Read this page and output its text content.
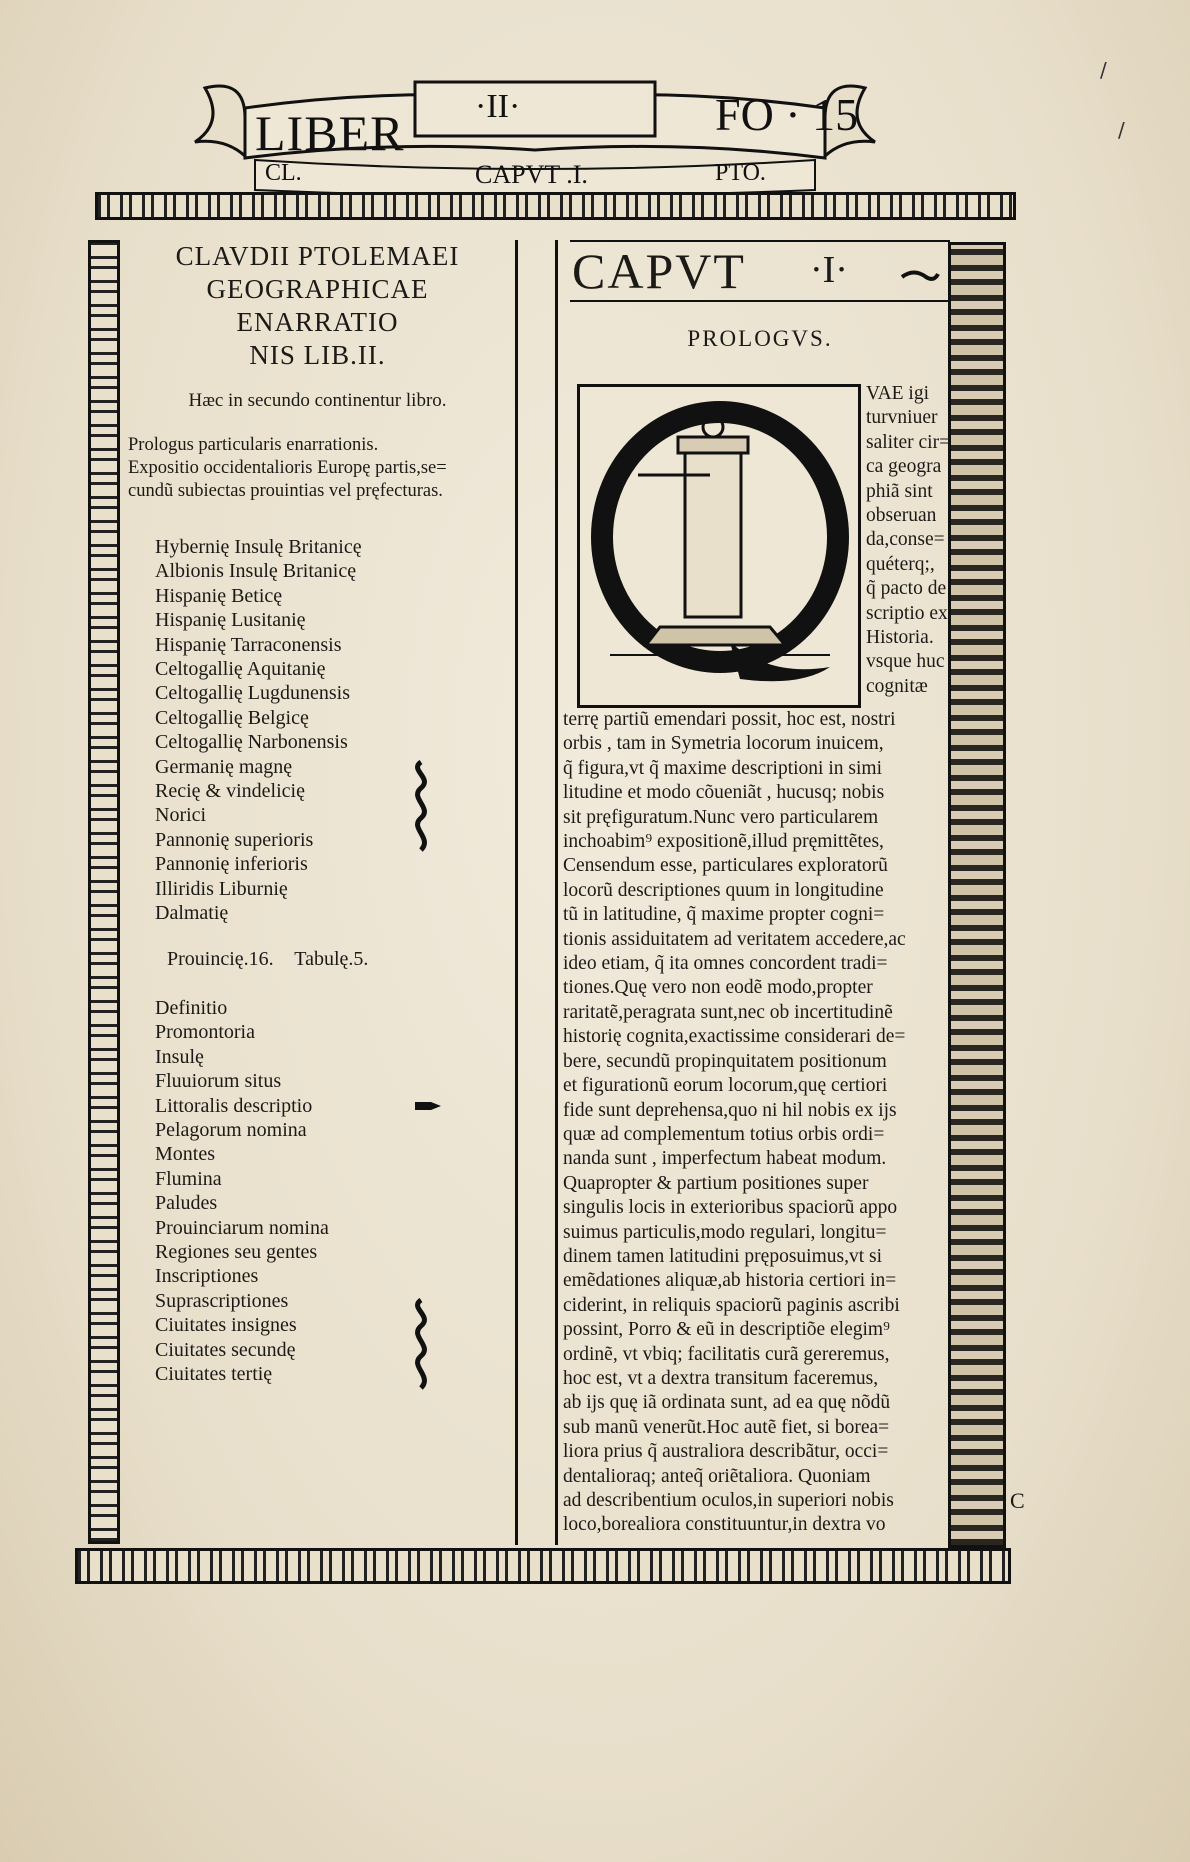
/
/
LIBER ·II·	FO · 15
CL.	CAPVT .I.	PTO.
CLAVDII PTOLEMAEI
GEOGRAPHICAE
ENARRATIO
NIS LIB.II.
Hæc in secundo continentur libro.
Prologus particularis enarrationis.
Expositio occidentalioris Europę partis,se=
cundũ subiectas prouintias vel pręfecturas.
Hybernię Insulę Britanicę
Albionis Insulę Britanicę
Hispanię Beticę
Hispanię Lusitanię
Hispanię Tarraconensis
Celtogallię Aquitanię
Celtogallię Lugdunensis
Celtogallię Belgicę
Celtogallię Narbonensis
Germanię magnę
Recię & vindelicię
Norici
Pannonię superioris
Pannonię inferioris
Illiridis Liburnię
Dalmatię
Prouincię.16. Tabulę.5.
Definitio
Promontoria
Insulę
Fluuiorum situs
Littoralis descriptio
Pelagorum nomina
Montes
Flumina
Paludes
Prouinciarum nomina
Regiones seu gentes
Inscriptiones
Suprascriptiones
Ciuitates insignes
Ciuitates secundę
Ciuitates tertię
CAPVT ·I·
PROLOGVS.
VAE igi
turvniuer
saliter cir=
ca geogra
phiã sint
obseruan
da,conse=
quéterq;,
q̃ pacto de
scriptio ex
Historia.
vsque huc
cognitæ
terrę partiũ emendari possit, hoc est, nostri
orbis , tam in Symetria locorum inuicem,
q̃ figura,vt q̃ maxime descriptioni in simi
litudine et modo cõueniãt , hucusq; nobis
sit pręfiguratum.Nunc vero particularem
inchoabim⁹ expositionẽ,illud pręmittẽtes,
Censendum esse, particulares exploratorũ
locorũ descriptiones quum in longitudine
tũ in latitudine, q̃ maxime propter cogni=
tionis assiduitatem ad veritatem accedere,ac
ideo etiam, q̃ ita omnes concordent tradi=
tiones.Quę vero non eodẽ modo,propter
raritatẽ,peragrata sunt,nec ob incertitudinẽ
historię cognita,exactissime considerari de=
bere, secundũ propinquitatem positionum
et figurationũ eorum locorum,quę certiori
fide sunt deprehensa,quo ni hil nobis ex ijs
quæ ad complementum totius orbis ordi=
nanda sunt , imperfectum habeat modum.
Quapropter & partium positiones super
singulis locis in exterioribus spaciorũ appo
suimus particulis,modo regulari, longitu=
dinem tamen latitudini pręposuimus,vt si
emẽdationes aliquæ,ab historia certiori in=
ciderint, in reliquis spaciorũ paginis ascribi
possint, Porro & eũ in descriptiõe elegim⁹
ordinẽ, vt vbiq; facilitatis curã gereremus,
hoc est, vt a dextra transitum faceremus,
ab ijs quę iã ordinata sunt, ad ea quę nõdũ
sub manũ venerũt.Hoc autẽ fiet, si borea=
liora prius q̃ australiora describãtur, occi=
dentalioraq; anteq̃ oriẽtaliora. Quoniam
ad describentium oculos,in superiori nobis
loco,borealiora constituuntur,in dextra vo
C
